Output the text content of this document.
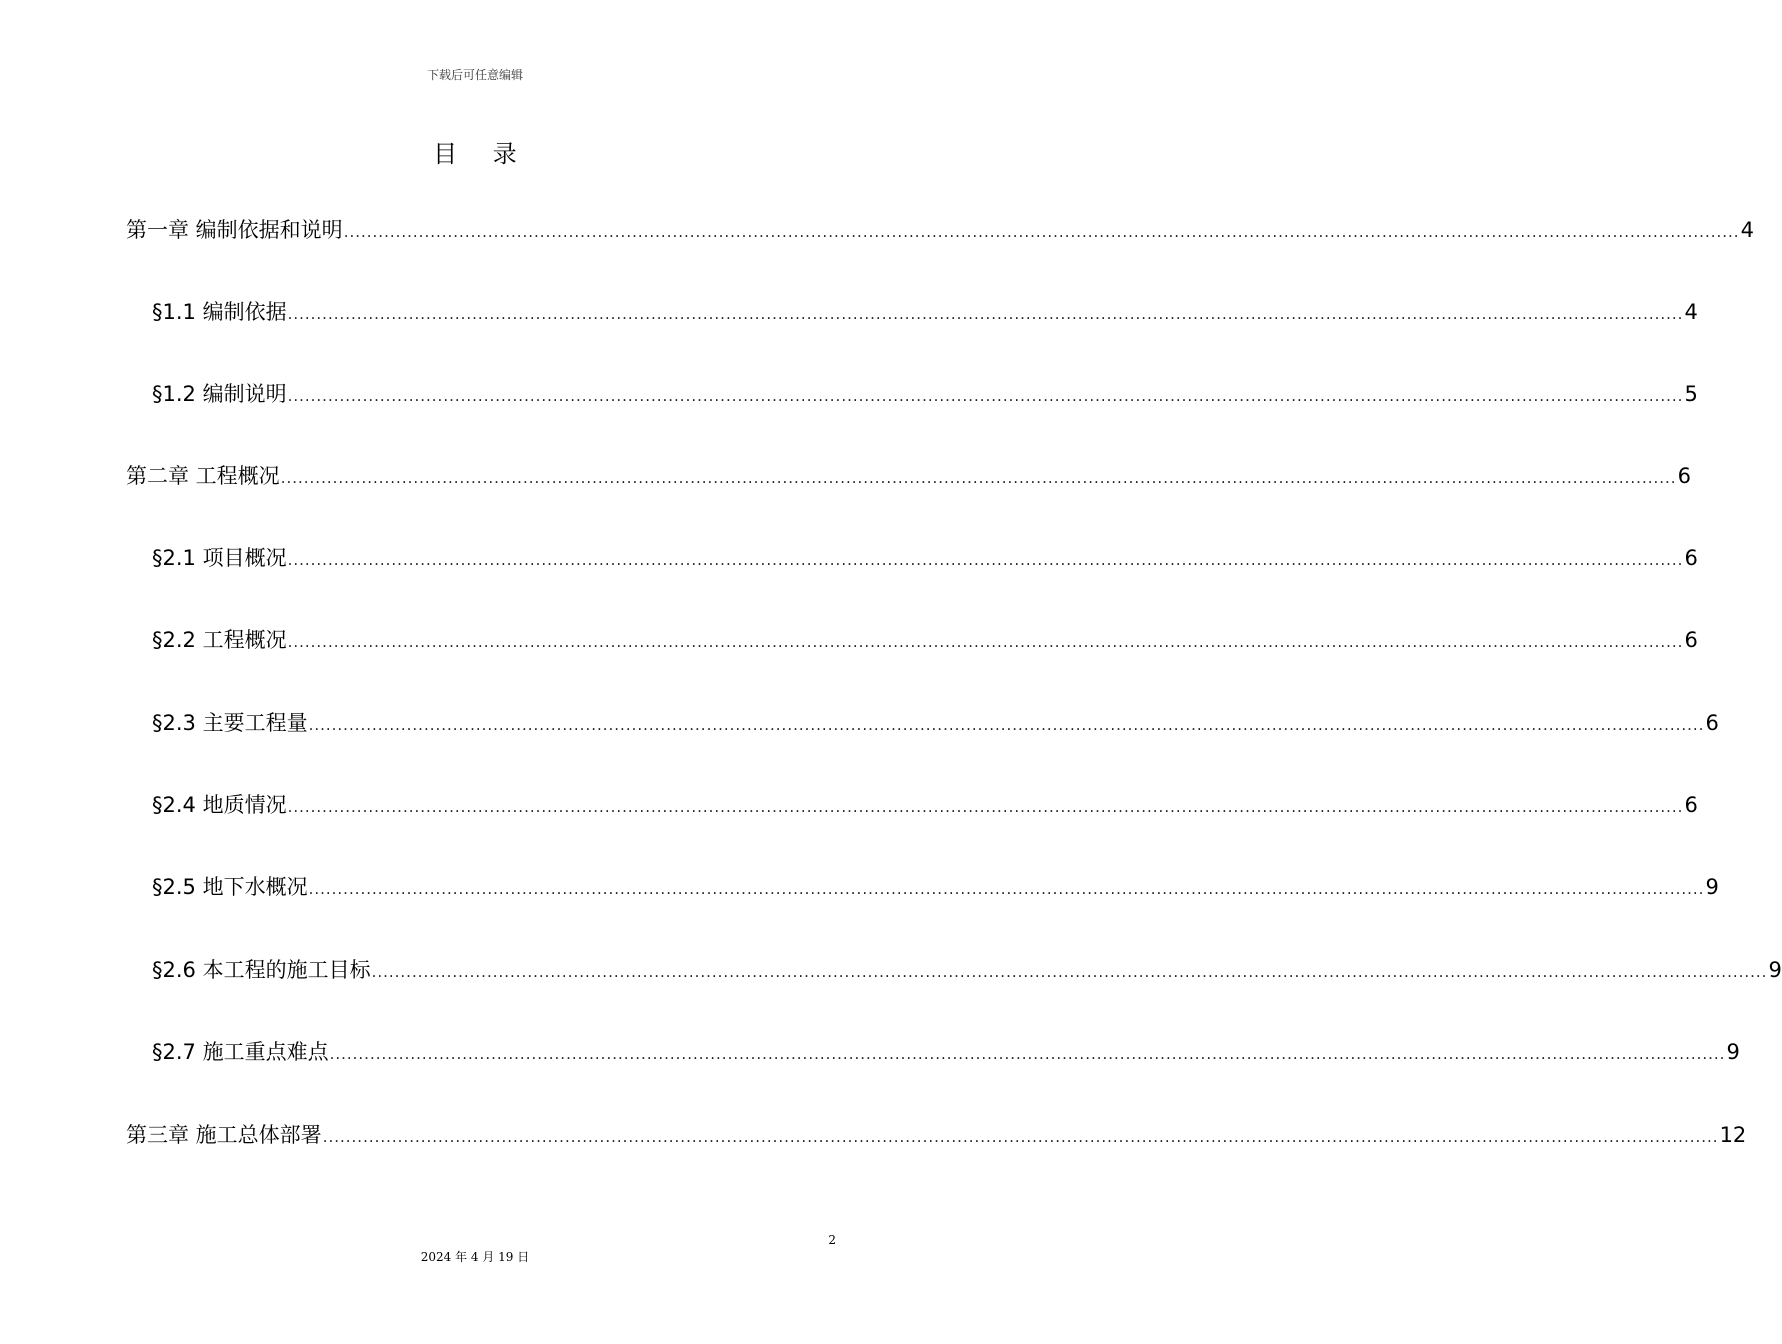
下载后可任意编辑
目 录
第一章 编制依据和说明 .................................................................................................................................................................................................................................................. 4
§1.1 编制依据 .................................................................................................................................................................................................................................................. 4
§1.2 编制说明 .................................................................................................................................................................................................................................................. 5
第二章 工程概况 .................................................................................................................................................................................................................................................. 6
§2.1 项目概况 .................................................................................................................................................................................................................................................. 6
§2.2 工程概况 .................................................................................................................................................................................................................................................. 6
§2.3 主要工程量 .................................................................................................................................................................................................................................................. 6
§2.4 地质情况 .................................................................................................................................................................................................................................................. 6
§2.5 地下水概况 .................................................................................................................................................................................................................................................. 9
§2.6 本工程的施工目标 .................................................................................................................................................................................................................................................. 9
§2.7 施工重点难点 .................................................................................................................................................................................................................................................. 9
第三章 施工总体部署 .................................................................................................................................................................................................................................................. 12
2
2024 年 4 月 19 日
